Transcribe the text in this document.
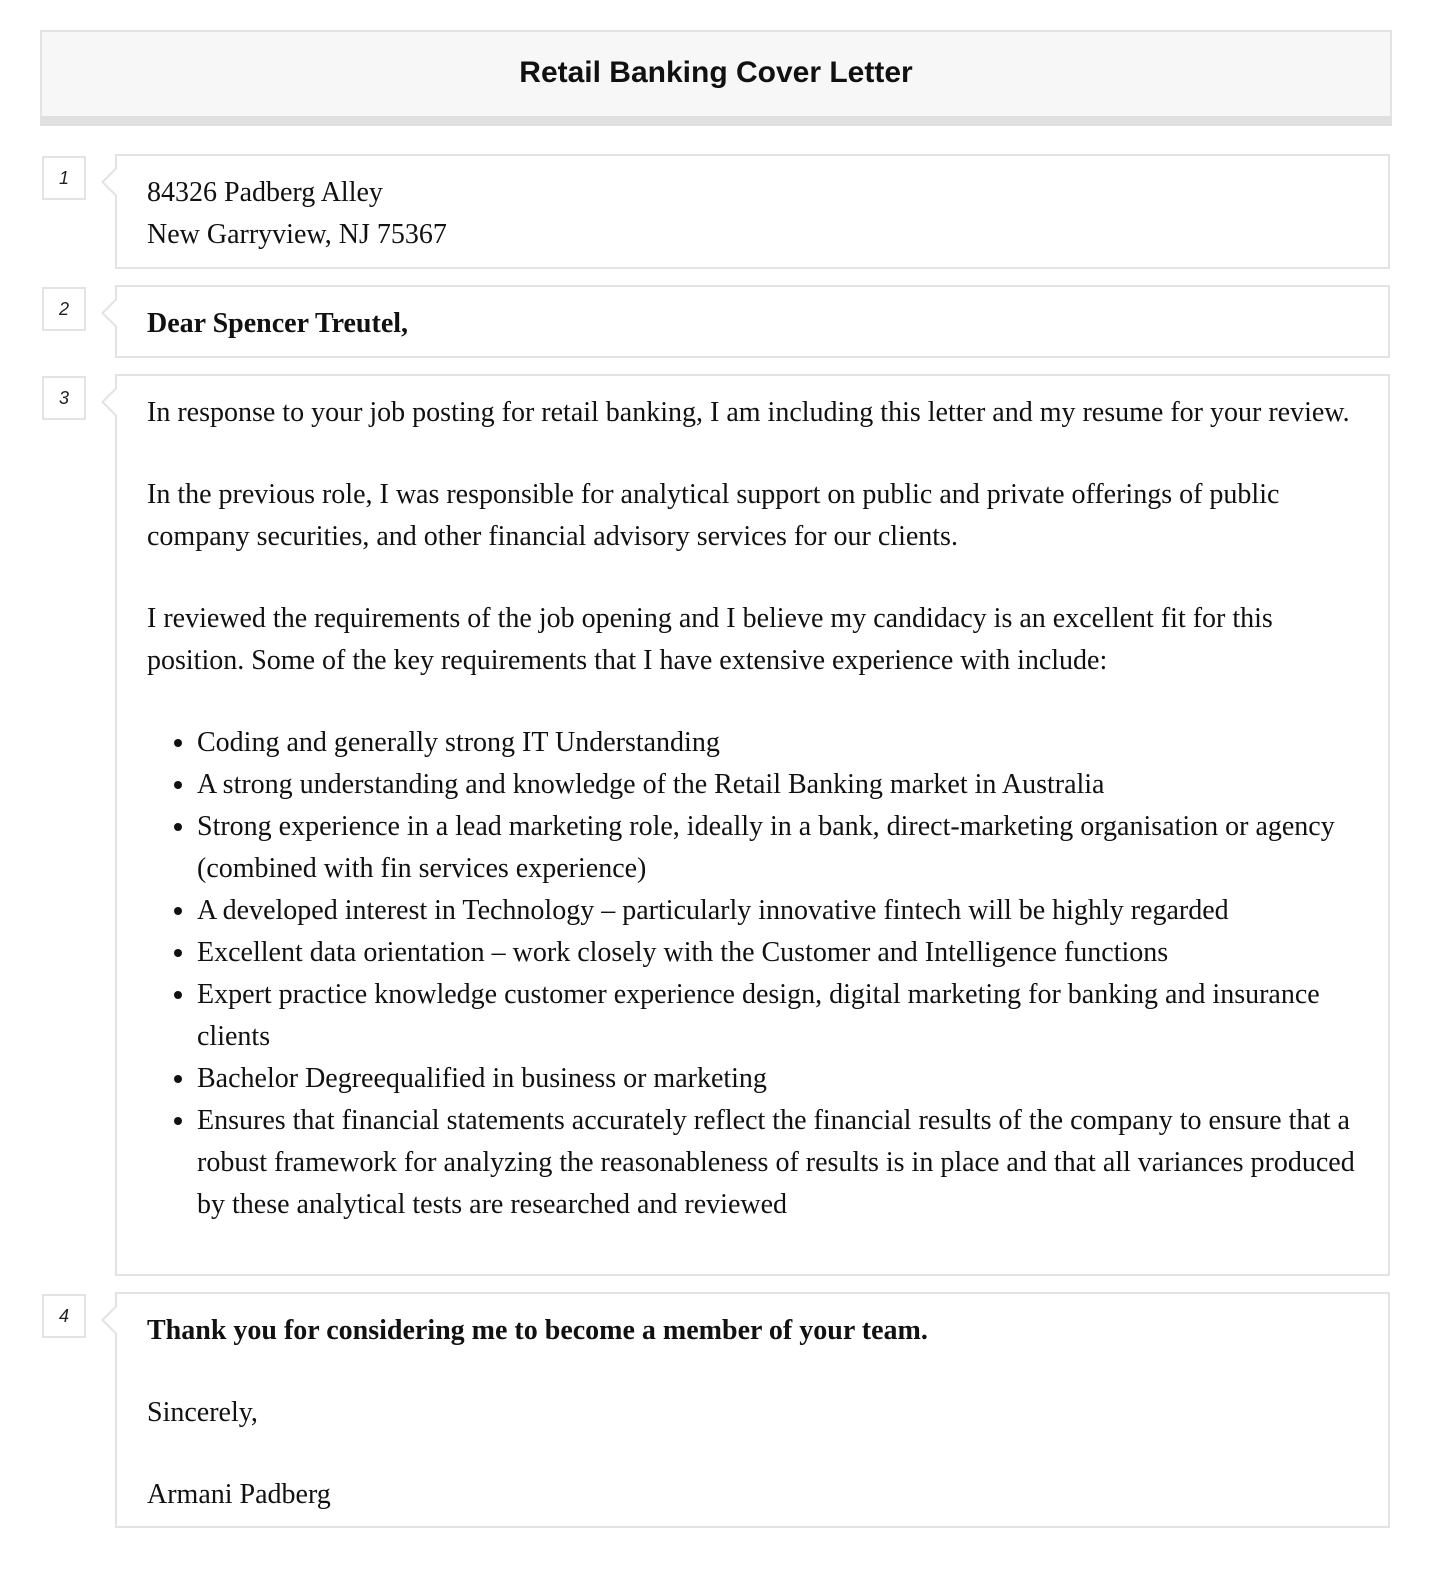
Retail Banking Cover Letter
1	84326 Padberg Alley

New Garryview, NJ 75367

2	Dear Spencer Treutel,

3	In response to your job posting for retail banking, I am including this letter and my resume for your review.

In the previous role, I was responsible for analytical support on public and private offerings of public company securities, and other financial advisory services for our clients.

I reviewed the requirements of the job opening and I believe my candidacy is an excellent fit for this position. Some of the key requirements that I have extensive experience with include:

• Coding and generally strong IT Understanding
• A strong understanding and knowledge of the Retail Banking market in Australia
• Strong experience in a lead marketing role, ideally in a bank, direct-marketing organisation or agency (combined with fin services experience)
• A developed interest in Technology – particularly innovative fintech will be highly regarded
• Excellent data orientation – work closely with the Customer and Intelligence functions
• Expert practice knowledge customer experience design, digital marketing for banking and insurance clients
• Bachelor Degreequalified in business or marketing
• Ensures that financial statements accurately reflect the financial results of the company to ensure that a robust framework for analyzing the reasonableness of results is in place and that all variances produced by these analytical tests are researched and reviewed
4	Thank you for considering me to become a member of your team.

Sincerely,

Armani Padberg
